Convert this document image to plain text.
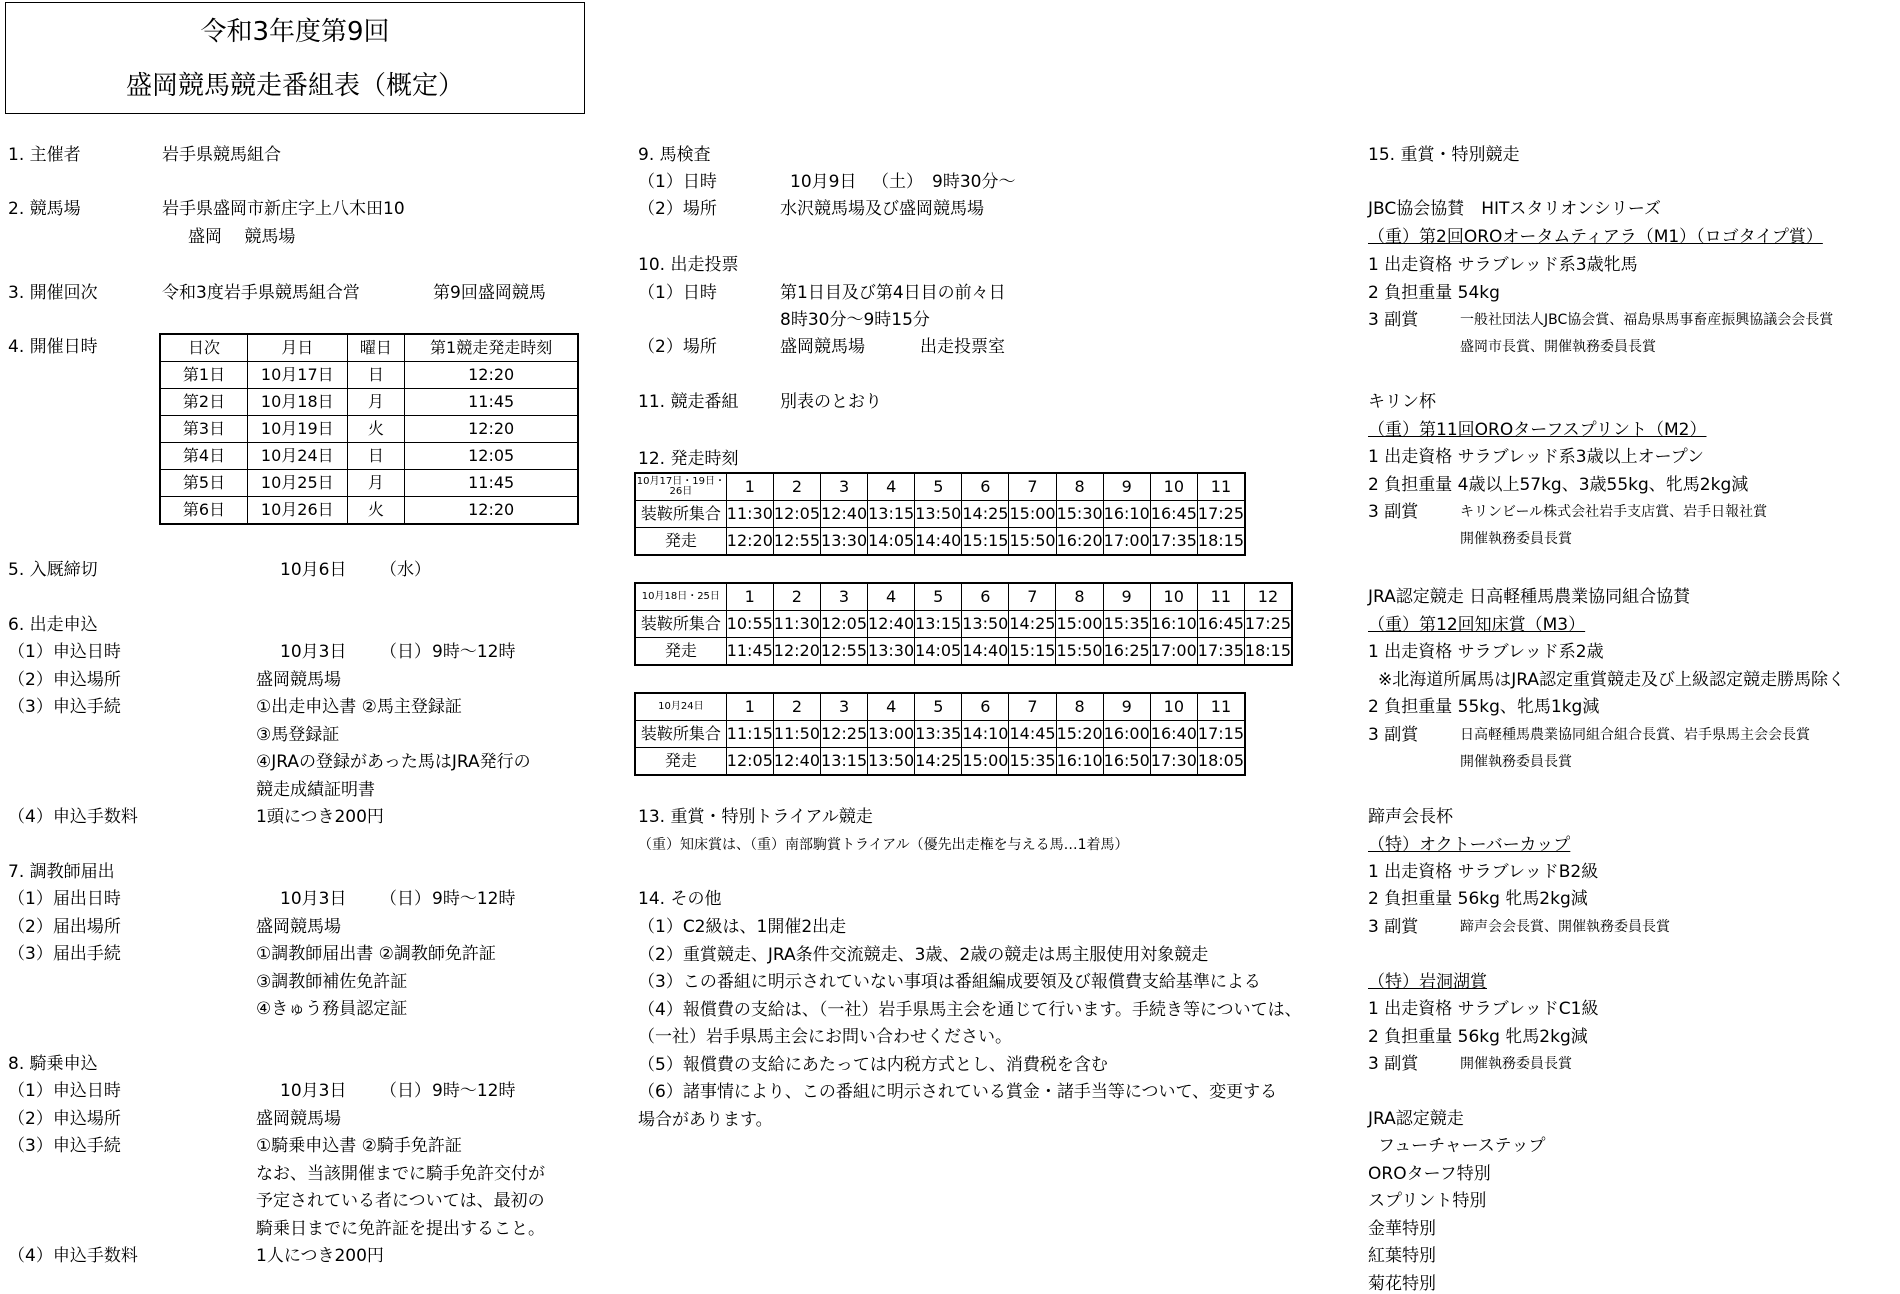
令和3年度第9回
盛岡競馬競走番組表（概定）
1. 主催者	岩手県競馬組合
2. 競馬場	岩手県盛岡市新庄字上八木田10
盛岡　 競馬場
3. 開催回次	令和3度岩手県競馬組合営	第9回盛岡競馬
4. 開催日時	日次	月日	曜日	第1競走発走時刻
第1日	10月17日	日	12:20
第2日	10月18日	月	11:45
第3日	10月19日	火	12:20
第4日	10月24日	日	12:05
第5日	10月25日	月	11:45
第6日	10月26日	火	12:20
5. 入厩締切	10月6日 （水）
6. 出走申込
（1）申込日時	10月3日 （日） 9時～12時
（2）申込場所	盛岡競馬場
（3）申込手続	①出走申込書 ②馬主登録証
③馬登録証
④JRAの登録があった馬はJRA発行の
競走成績証明書
（4）申込手数料	1頭につき200円
7. 調教師届出
（1）届出日時	10月3日 （日） 9時～12時
（2）届出場所	盛岡競馬場
（3）届出手続	①調教師届出書 ②調教師免許証
③調教師補佐免許証
④きゅう務員認定証
8. 騎乗申込
（1）申込日時	10月3日 （日） 9時～12時
（2）申込場所	盛岡競馬場
（3）申込手続	①騎乗申込書 ②騎手免許証
なお、当該開催までに騎手免許交付が
予定されている者については、最初の
騎乗日までに免許証を提出すること。
（4）申込手数料	1人につき200円
9. 馬検査
（1）日時	10月9日 （土） 9時30分～
（2）場所	水沢競馬場及び盛岡競馬場
10. 出走投票
（1）日時	第1日目及び第4日目の前々日
8時30分～9時15分
（2）場所	盛岡競馬場	出走投票室
11. 競走番組 別表のとおり
12. 発走時刻
10月17日・19日・26日	1	2	3	4	5	6	7	8	9	10	11
装鞍所集合	11:30	12:05	12:40	13:15	13:50	14:25	15:00	15:30	16:10	16:45	17:25
発走	12:20	12:55	13:30	14:05	14:40	15:15	15:50	16:20	17:00	17:35	18:15
10月18日・25日	1	2	3	4	5	6	7	8	9	10	11	12
装鞍所集合	10:55	11:30	12:05	12:40	13:15	13:50	14:25	15:00	15:35	16:10	16:45	17:25
発走	11:45	12:20	12:55	13:30	14:05	14:40	15:15	15:50	16:25	17:00	17:35	18:15
10月24日	1	2	3	4	5	6	7	8	9	10	11
装鞍所集合	11:15	11:50	12:25	13:00	13:35	14:10	14:45	15:20	16:00	16:40	17:15
発走	12:05	12:40	13:15	13:50	14:25	15:00	15:35	16:10	16:50	17:30	18:05
13. 重賞・特別トライアル競走
（重）知床賞は、（重）南部駒賞トライアル（優先出走権を与える馬…1着馬）
14. その他
（1）C2級は、1開催2出走
（2）重賞競走、JRA条件交流競走、3歳、2歳の競走は馬主服使用対象競走
（3）この番組に明示されていない事項は番組編成要領及び報償費支給基準による
（4）報償費の支給は、（一社）岩手県馬主会を通じて行います。手続き等については、
（一社）岩手県馬主会にお問い合わせください。
（5）報償費の支給にあたっては内税方式とし、消費税を含む
（6）諸事情により、この番組に明示されている賞金・諸手当等について、変更する
場合があります。
15. 重賞・特別競走
JBC協会協賛　HITスタリオンシリーズ
（重）第2回OROオータムティアラ（M1）（ロゴタイプ賞）
1 出走資格 サラブレッド系3歳牝馬
2 負担重量 54kg
3 副賞	一般社団法人JBC協会賞、福島県馬事畜産振興協議会会長賞
盛岡市長賞、開催執務委員長賞
キリン杯
（重）第11回OROターフスプリント（M2）
1 出走資格 サラブレッド系3歳以上オープン
2 負担重量 4歳以上57kg、3歳55kg、牝馬2kg減
3 副賞	キリンビール株式会社岩手支店賞、岩手日報社賞
開催執務委員長賞
JRA認定競走 日高軽種馬農業協同組合協賛
（重）第12回知床賞（M3）
1 出走資格 サラブレッド系2歳
※北海道所属馬はJRA認定重賞競走及び上級認定競走勝馬除く
2 負担重量 55kg、牝馬1kg減
3 副賞	日高軽種馬農業協同組合組合長賞、岩手県馬主会会長賞
開催執務委員長賞
蹄声会長杯
（特）オクトーバーカップ
1 出走資格 サラブレッドB2級
2 負担重量 56kg 牝馬2kg減
3 副賞	蹄声会会長賞、開催執務委員長賞
（特）岩洞湖賞
1 出走資格 サラブレッドC1級
2 負担重量 56kg 牝馬2kg減
3 副賞	開催執務委員長賞
JRA認定競走
フューチャーステップ
OROターフ特別
スプリント特別
金華特別
紅葉特別
菊花特別
